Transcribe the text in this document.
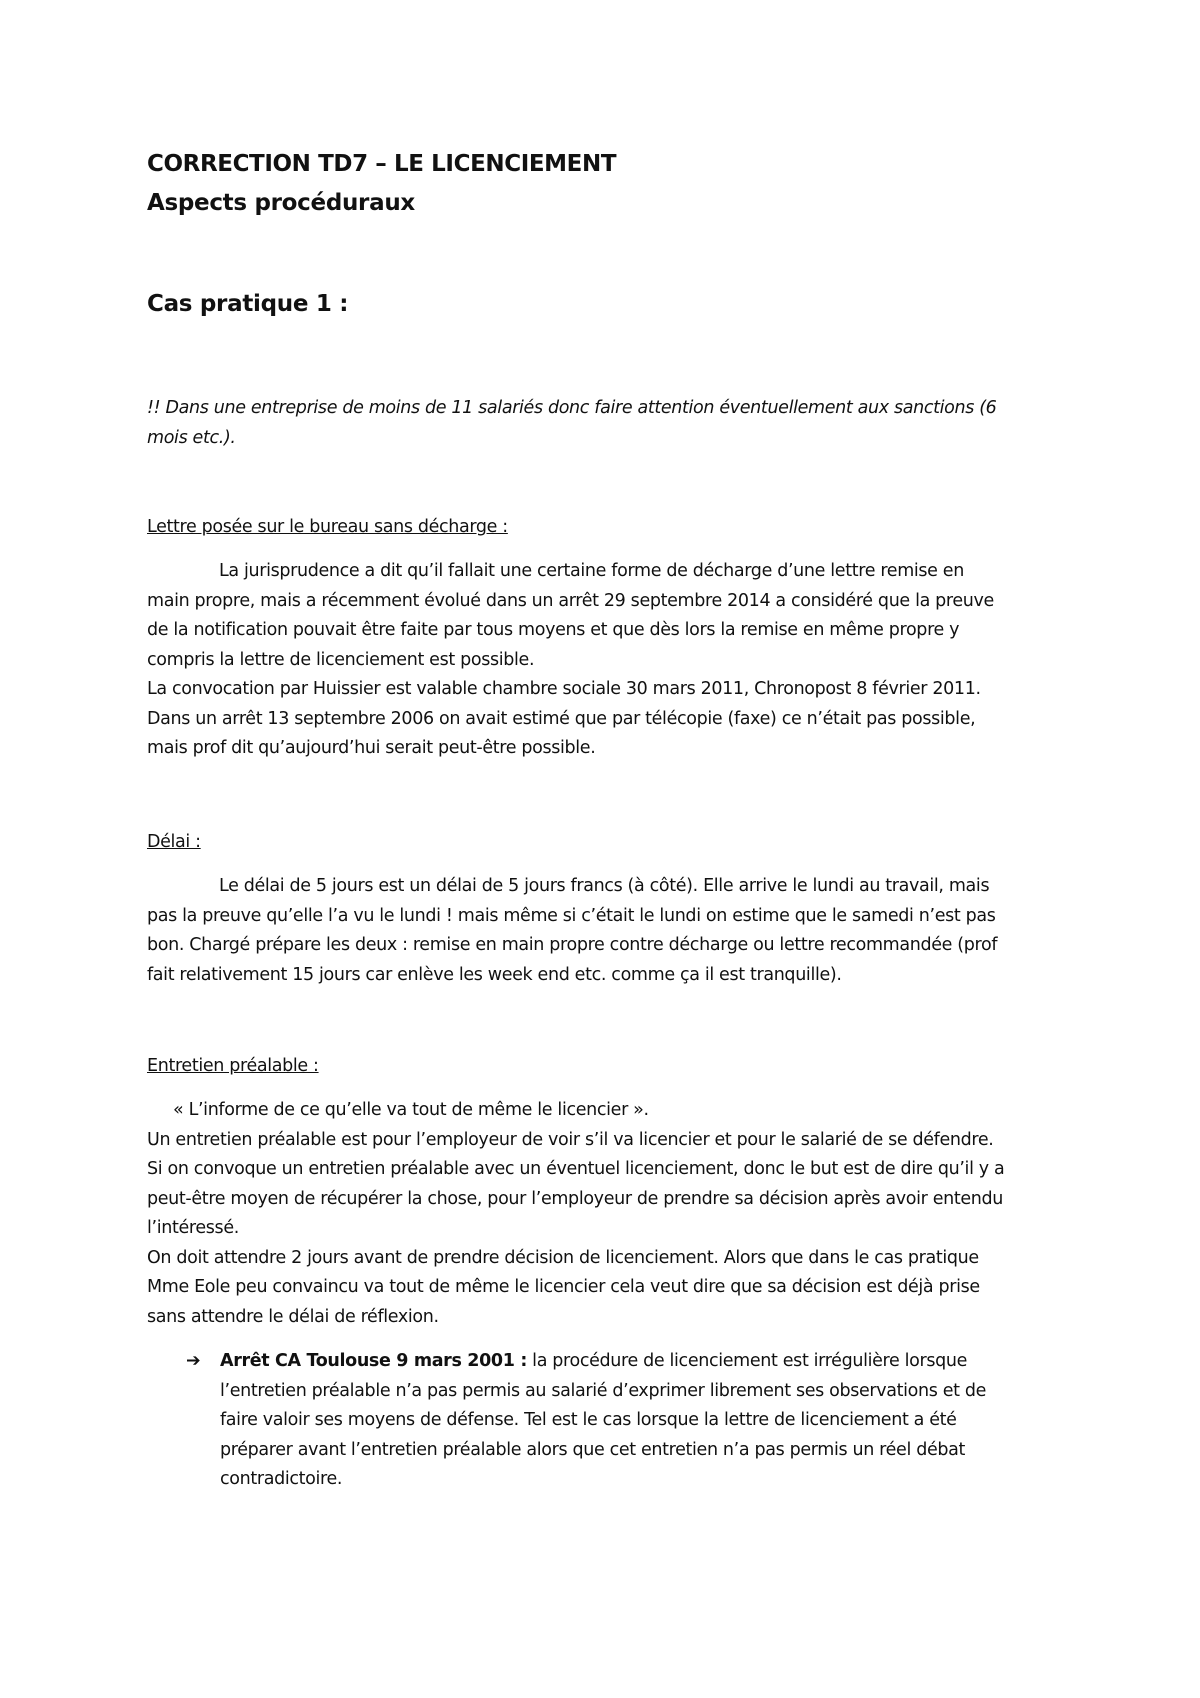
CORRECTION TD7 – LE LICENCIEMENT
Aspects procéduraux
Cas pratique 1 :
!! Dans une entreprise de moins de 11 salariés donc faire attention éventuellement aux sanctions (6
mois etc.).
Lettre posée sur le bureau sans décharge :
La jurisprudence a dit qu’il fallait une certaine forme de décharge d’une lettre remise en
main propre, mais a récemment évolué dans un arrêt 29 septembre 2014 a considéré que la preuve
de la notification pouvait être faite par tous moyens et que dès lors la remise en même propre y
compris la lettre de licenciement est possible.
La convocation par Huissier est valable chambre sociale 30 mars 2011, Chronopost 8 février 2011.
Dans un arrêt 13 septembre 2006 on avait estimé que par télécopie (faxe) ce n’était pas possible,
mais prof dit qu’aujourd’hui serait peut-être possible.
Délai :
Le délai de 5 jours est un délai de 5 jours francs (à côté). Elle arrive le lundi au travail, mais
pas la preuve qu’elle l’a vu le lundi ! mais même si c’était le lundi on estime que le samedi n’est pas
bon. Chargé prépare les deux : remise en main propre contre décharge ou lettre recommandée (prof
fait relativement 15 jours car enlève les week end etc. comme ça il est tranquille).
Entretien préalable :
« L’informe de ce qu’elle va tout de même le licencier ».
Un entretien préalable est pour l’employeur de voir s’il va licencier et pour le salarié de se défendre.
Si on convoque un entretien préalable avec un éventuel licenciement, donc le but est de dire qu’il y a
peut-être moyen de récupérer la chose, pour l’employeur de prendre sa décision après avoir entendu
l’intéressé.
On doit attendre 2 jours avant de prendre décision de licenciement. Alors que dans le cas pratique
Mme Eole peu convaincu va tout de même le licencier cela veut dire que sa décision est déjà prise
sans attendre le délai de réflexion.
➔	Arrêt CA Toulouse 9 mars 2001 : la procédure de licenciement est irrégulière lorsque
l’entretien préalable n’a pas permis au salarié d’exprimer librement ses observations et de
faire valoir ses moyens de défense. Tel est le cas lorsque la lettre de licenciement a été
préparer avant l’entretien préalable alors que cet entretien n’a pas permis un réel débat
contradictoire.
